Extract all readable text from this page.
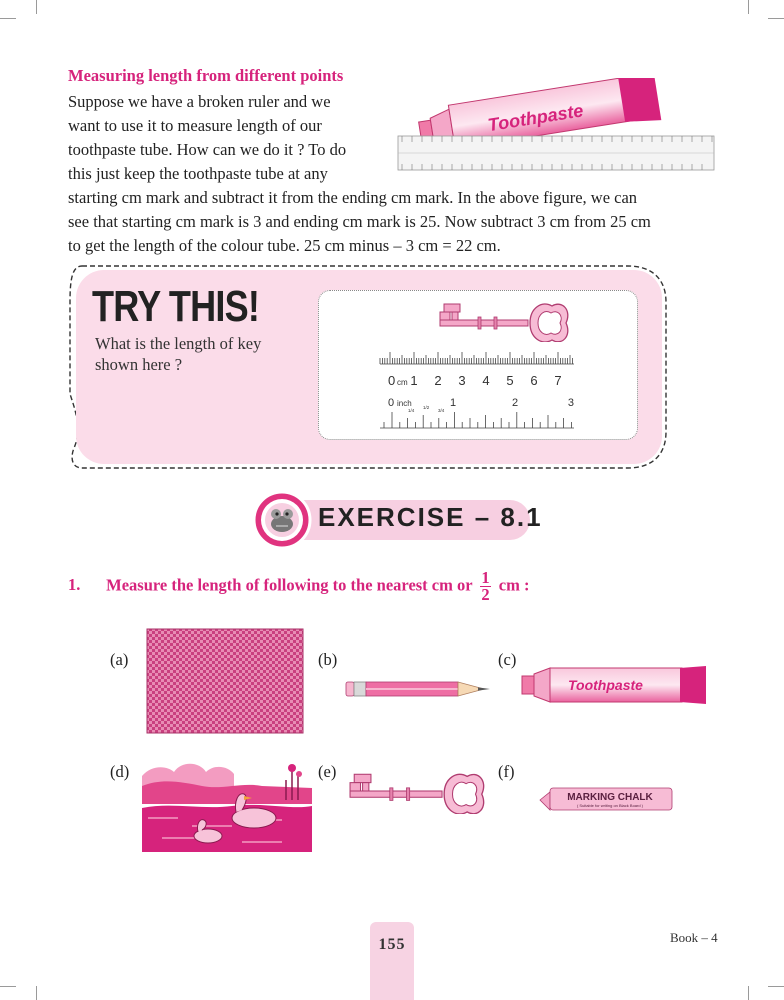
Measuring length from different points
Suppose we have a broken ruler and we
want to use it to measure length of our
toothpaste tube. How can we do it ? To do
this just keep the toothpaste tube at any
starting cm mark and subtract it from the ending cm mark. In the above figure, we can
see that starting cm mark is 3 and ending cm mark is 25. Now subtract 3 cm from 25 cm
to get the length of the colour tube. 25 cm minus – 3 cm = 22 cm.
Toothpaste
TRY THIS!
What is the length of key
shown here ?
0 cm 1 2 3 4 5 6 7
0 inch	1	2	3
1/4
1/2
3/4
EXERCISE – 8.1
1. Measure the length of following to the nearest cm or $\frac{1}{2}$ cm :
(a)	(b)	(c)
(d)	(e)	(f)
Toothpaste
MARKING CHALK
( Suitable for writing on Black Board )
155	Book – 4
